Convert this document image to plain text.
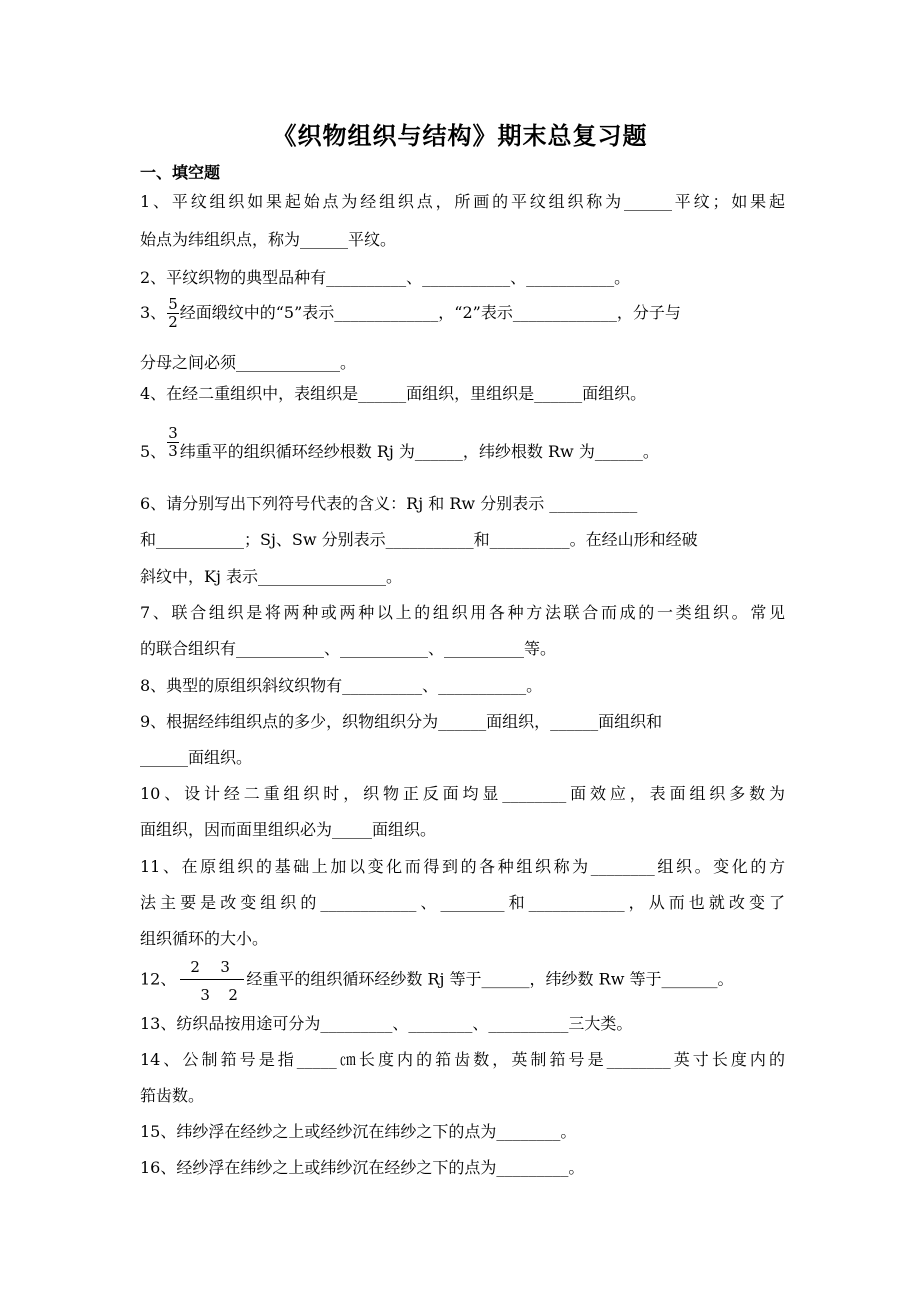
《织物组织与结构》期末总复习题
一、填空题
1、平纹组织如果起始点为经组织点，所画的平纹组织称为______平纹；如果起
始点为纬组织点，称为______平纹。
2、平纹织物的典型品种有__________、___________、___________。
3、 $\frac{5}{2}$ 经面缎纹中的“5”表示_____________，“2”表示_____________，分子与
分母之间必须_____________。
4、在经二重组织中，表组织是______面组织，里组织是______面组织。
5、 $\frac{3}{3}$ 纬重平的组织循环经纱根数 Rj 为______，纬纱根数 Rw 为______。
6、请分别写出下列符号代表的含义：Rj 和 Rw 分别表示 ___________
和___________；Sj、Sw 分别表示___________和__________。在经山形和经破
斜纹中，Kj 表示________________。
7、联合组织是将两种或两种以上的组织用各种方法联合而成的一类组织。常见
的联合组织有___________、___________、__________等。
8、典型的原组织斜纹织物有__________、___________。
9、根据经纬组织点的多少，织物组织分为______面组织，______面组织和
______面组织。
10、设计经二重组织时，织物正反面均显________面效应，表面组织多数为
面组织，因而面里组织必为_____面组织。
11、在原组织的基础上加以变化而得到的各种组织称为________组织。变化的方
法主要是改变组织的____________、________和____________，从而也就改变了
组织循环的大小。
12、
2 3
3 2
经重平的组织循环经纱数 Rj 等于______，纬纱数 Rw 等于_______。
13、纺织品按用途可分为_________、________、__________三大类。
14、公制筘号是指_____㎝长度内的筘齿数，英制筘号是________英寸长度内的
筘齿数。
15、纬纱浮在经纱之上或经纱沉在纬纱之下的点为________。
16、经纱浮在纬纱之上或纬纱沉在经纱之下的点为_________。
